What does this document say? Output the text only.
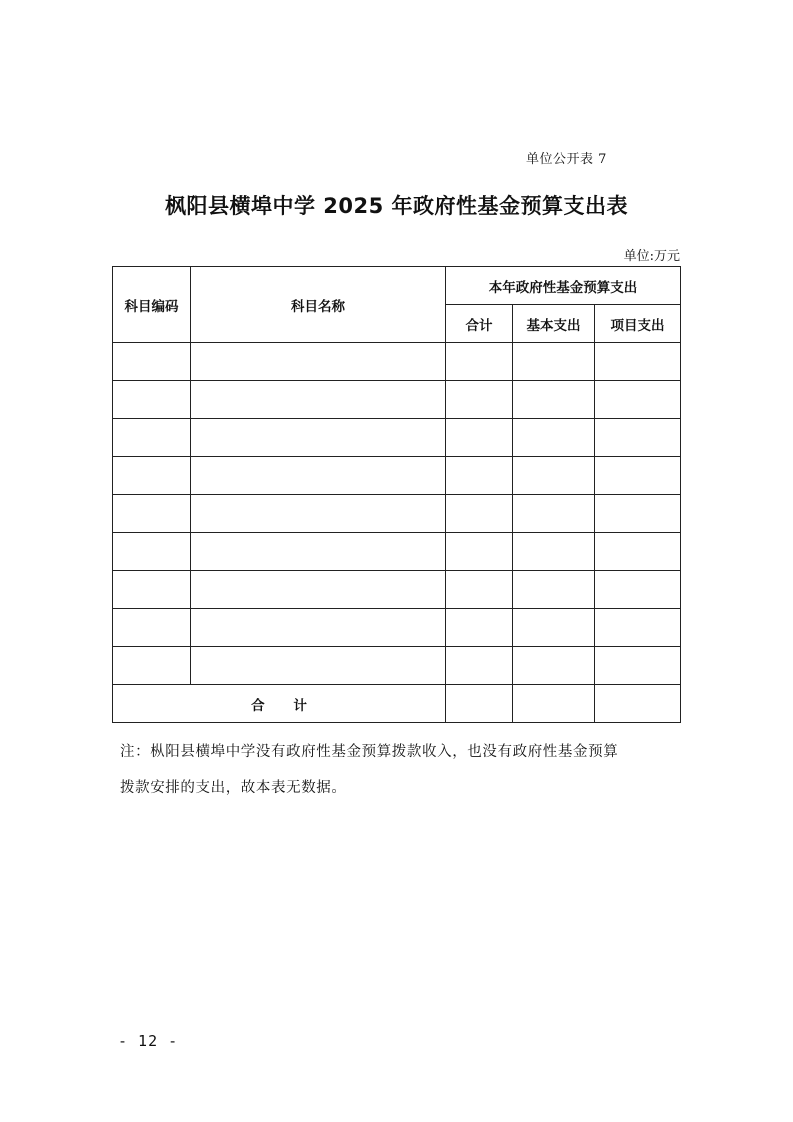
单位公开表 7
枫阳县横埠中学 2025 年政府性基金预算支出表
单位:万元
科目编码	科目名称	本年政府性基金预算支出		
		合计	基本支出	项目支出

合 计				
注：枞阳县横埠中学没有政府性基金预算拨款收入，也没有政府性基金预算
拨款安排的支出，故本表无数据。
- 12 -
